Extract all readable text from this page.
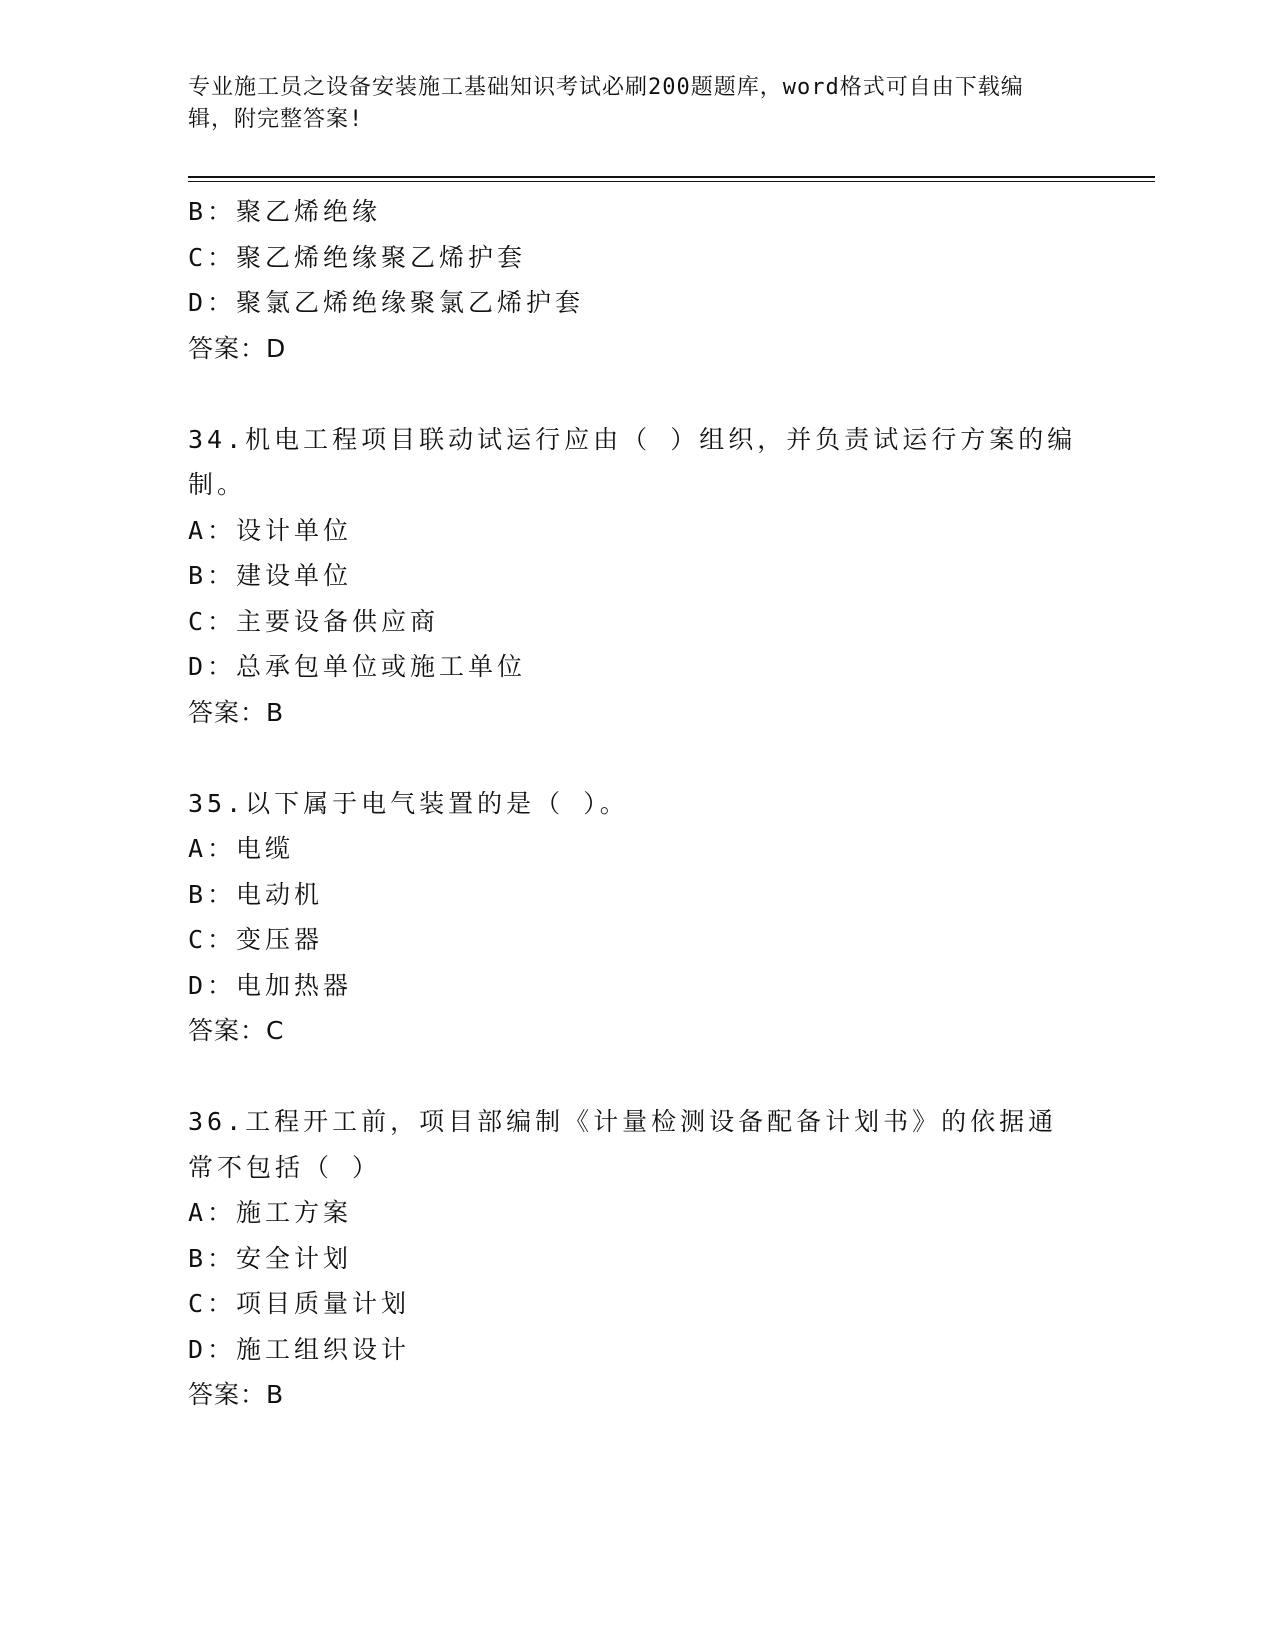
专业施工员之设备安装施工基础知识考试必刷200题题库，word格式可自由下载编辑，附完整答案!
B：聚乙烯绝缘
C：聚乙烯绝缘聚乙烯护套
D：聚氯乙烯绝缘聚氯乙烯护套
答案：D
34.机电工程项目联动试运行应由（ ）组织，并负责试运行方案的编制。
A：设计单位
B：建设单位
C：主要设备供应商
D：总承包单位或施工单位
答案：B
35.以下属于电气装置的是（ ）。
A：电缆
B：电动机
C：变压器
D：电加热器
答案：C
36.工程开工前，项目部编制《计量检测设备配备计划书》的依据通常不包括（ ）
A：施工方案
B：安全计划
C：项目质量计划
D：施工组织设计
答案：B
